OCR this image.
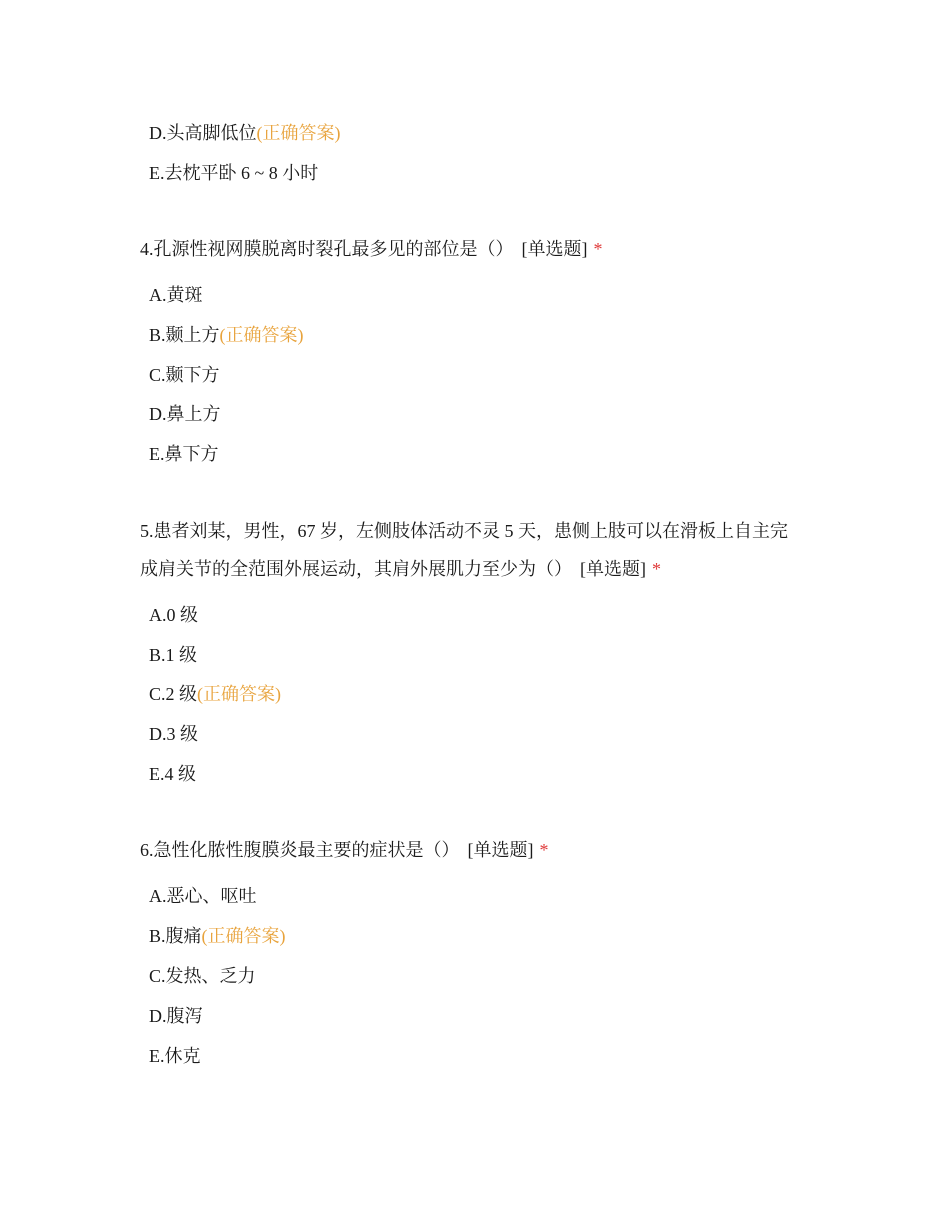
D.头高脚低位(正确答案)
E.去枕平卧 6 ~ 8 小时
4.孔源性视网膜脱离时裂孔最多见的部位是（） [单选题] *
A.黄斑
B.颞上方(正确答案)
C.颞下方
D.鼻上方
E.鼻下方
5.患者刘某，男性，67 岁，左侧肢体活动不灵 5 天，患侧上肢可以在滑板上自主完
成肩关节的全范围外展运动，其肩外展肌力至少为（） [单选题] *
A.0 级
B.1 级
C.2 级(正确答案)
D.3 级
E.4 级
6.急性化脓性腹膜炎最主要的症状是（） [单选题] *
A.恶心、呕吐
B.腹痛(正确答案)
C.发热、乏力
D.腹泻
E.休克
